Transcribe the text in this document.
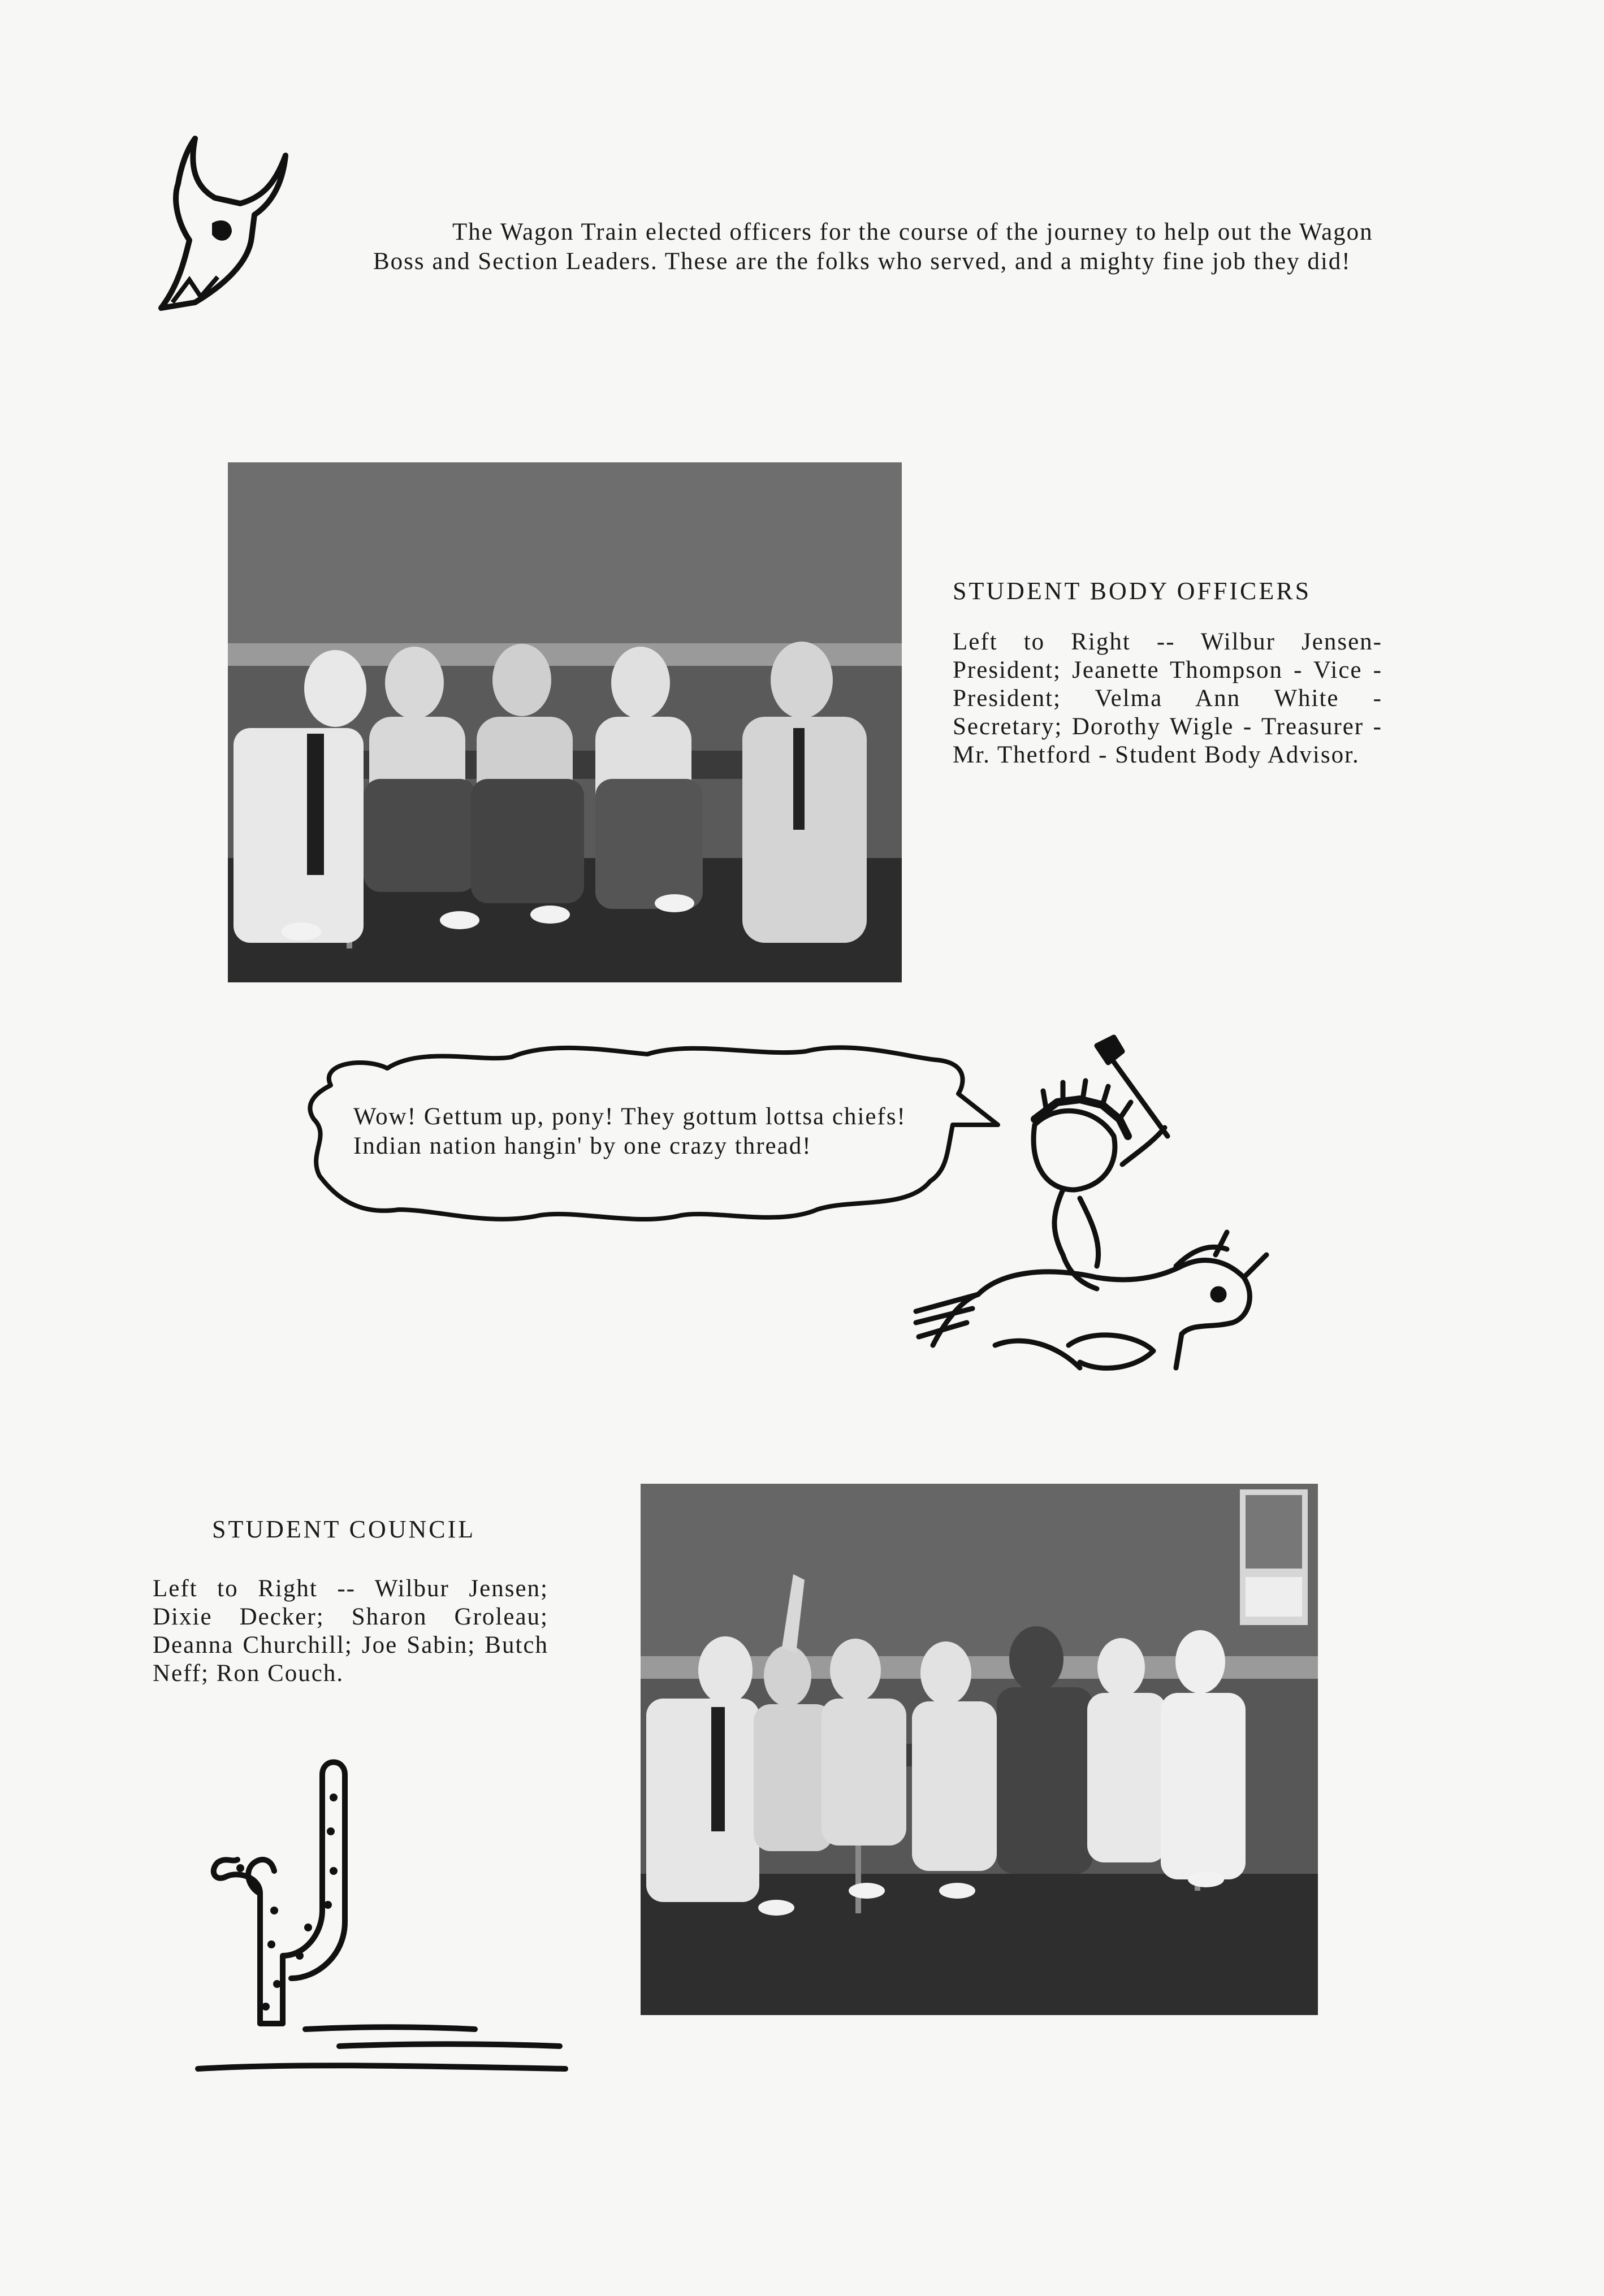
The Wagon Train elected officers for the course of the journey to help out the Wagon Boss and Section Leaders. These are the folks who served, and a mighty fine job they did!

STUDENT BODY OFFICERS
Left to Right -- Wilbur Jensen-President; Jeanette Thompson - Vice - President; Velma Ann White - Secretary; Dorothy Wigle - Treasurer - Mr. Thetford - Student Body Advisor.
Wow! Gettum up, pony! They gottum lottsa chiefs! Indian nation hangin' by one crazy thread!
STUDENT COUNCIL
Left to Right -- Wilbur Jensen; Dixie Decker; Sharon Groleau; Deanna Churchill; Joe Sabin; Butch Neff; Ron Couch.
